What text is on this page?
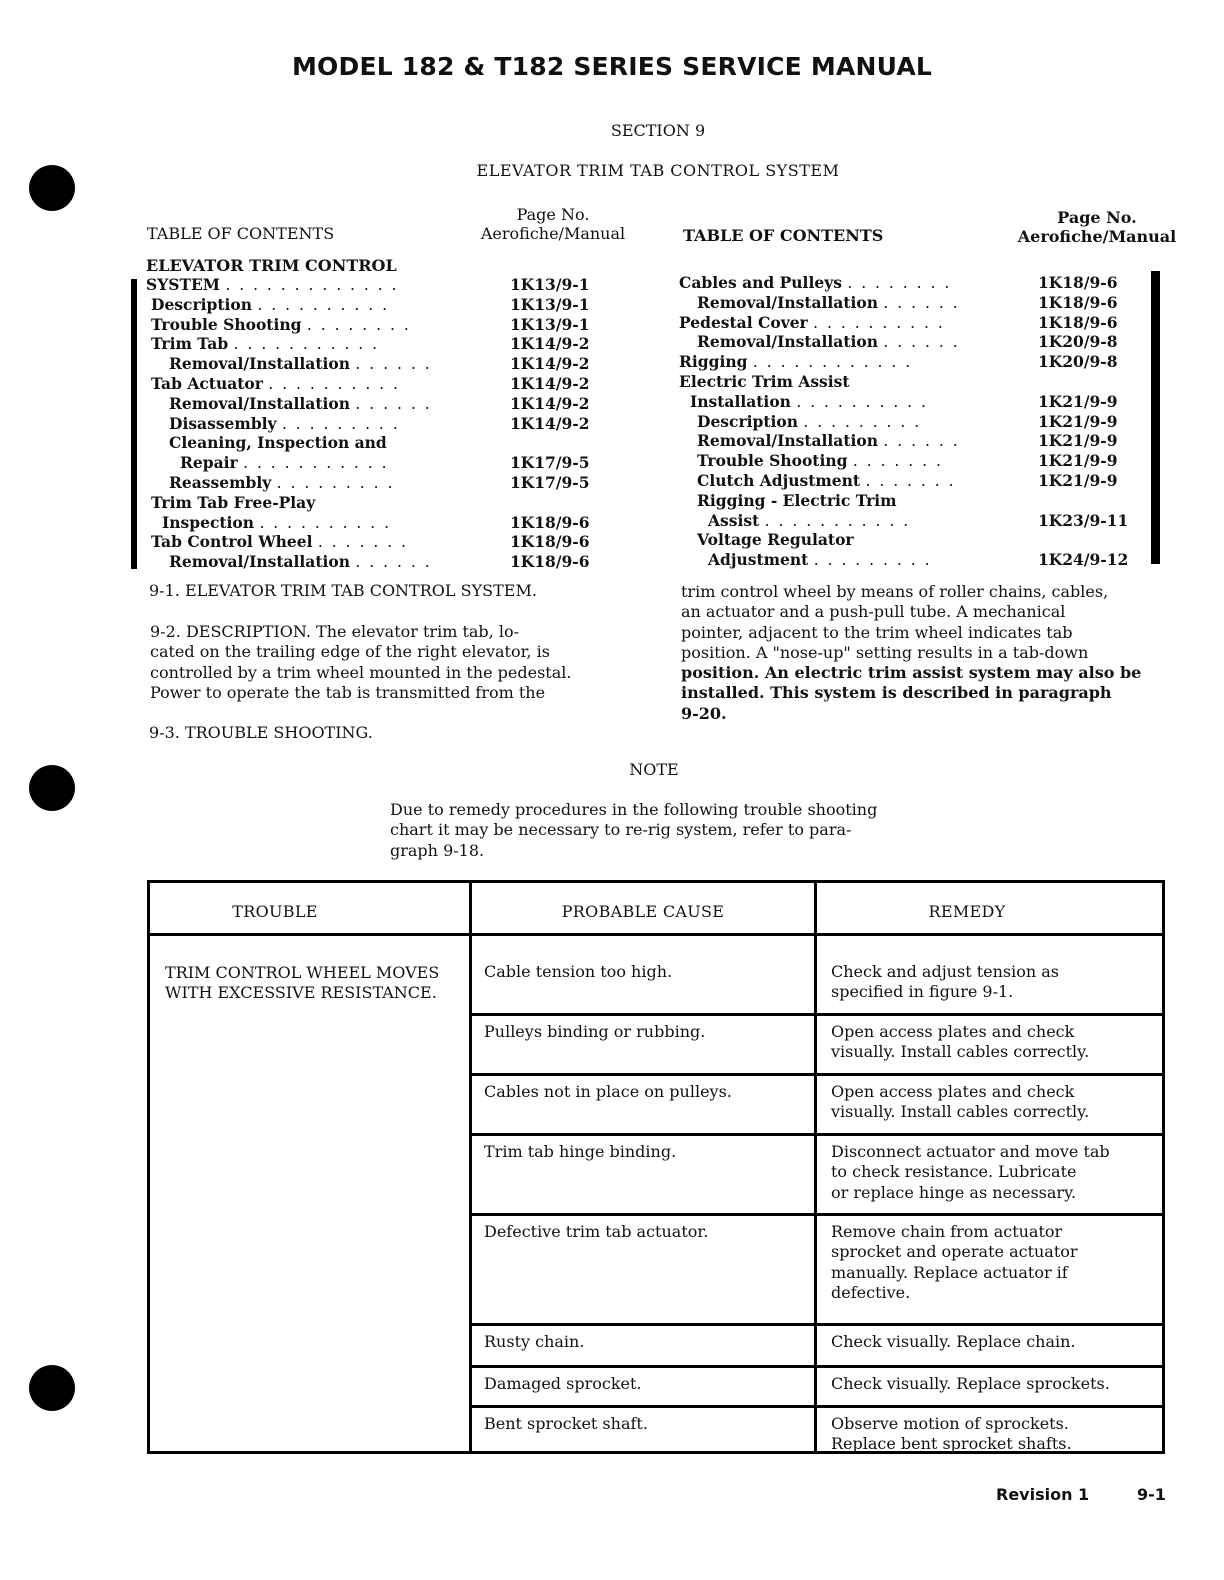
MODEL 182 & T182 SERIES SERVICE MANUAL
SECTION 9
ELEVATOR TRIM TAB CONTROL SYSTEM
TABLE OF CONTENTS
Page No.
Aerofiche/Manual	TABLE OF CONTENTS
Page No.
Aerofiche/Manual
ELEVATOR TRIM CONTROL
SYSTEM . . . . . . . . . . . . .	1K13/9-1
Description . . . . . . . . . .	1K13/9-1
Trouble Shooting . . . . . . . .	1K13/9-1
Trim Tab . . . . . . . . . . .	1K14/9-2
Removal/Installation . . . . . .	1K14/9-2
Tab Actuator . . . . . . . . . .	1K14/9-2
Removal/Installation . . . . . .	1K14/9-2
Disassembly . . . . . . . . .	1K14/9-2
Cleaning, Inspection and
Repair . . . . . . . . . . .	1K17/9-5
Reassembly . . . . . . . . .	1K17/9-5
Trim Tab Free-Play
Inspection . . . . . . . . . .	1K18/9-6
Tab Control Wheel . . . . . . .	1K18/9-6
Removal/Installation . . . . . .	1K18/9-6
Cables and Pulleys . . . . . . . .	1K18/9-6
Removal/Installation . . . . . .	1K18/9-6
Pedestal Cover . . . . . . . . . .	1K18/9-6
Removal/Installation . . . . . .	1K20/9-8
Rigging . . . . . . . . . . . .	1K20/9-8
Electric Trim Assist
Installation . . . . . . . . . .	1K21/9-9
Description . . . . . . . . .	1K21/9-9
Removal/Installation . . . . . .	1K21/9-9
Trouble Shooting . . . . . . .	1K21/9-9
Clutch Adjustment . . . . . . .	1K21/9-9
Rigging - Electric Trim
Assist . . . . . . . . . . .	1K23/9-11
Voltage Regulator
Adjustment . . . . . . . . .	1K24/9-12
9-1. ELEVATOR TRIM TAB CONTROL SYSTEM.
9-2. DESCRIPTION. The elevator trim tab, lo-
cated on the trailing edge of the right elevator, is
controlled by a trim wheel mounted in the pedestal.
Power to operate the tab is transmitted from the
9-3. TROUBLE SHOOTING.
trim control wheel by means of roller chains, cables,
an actuator and a push-pull tube. A mechanical
pointer, adjacent to the trim wheel indicates tab
position. A "nose-up" setting results in a tab-down
position. An electric trim assist system may also be
installed. This system is described in paragraph
9-20.
NOTE
Due to remedy procedures in the following trouble shooting
chart it may be necessary to re-rig system, refer to para-
graph 9-18.
TROUBLE	PROBABLE CAUSE	REMEDY
TRIM CONTROL WHEEL MOVES
WITH EXCESSIVE RESISTANCE.
Cable tension too high.	Check and adjust tension as
specified in figure 9-1.
Pulleys binding or rubbing.	Open access plates and check
visually. Install cables correctly.
Cables not in place on pulleys.	Open access plates and check
visually. Install cables correctly.
Trim tab hinge binding.	Disconnect actuator and move tab
to check resistance. Lubricate
or replace hinge as necessary.
Defective trim tab actuator.	Remove chain from actuator
sprocket and operate actuator
manually. Replace actuator if
defective.
Rusty chain.	Check visually. Replace chain.
Damaged sprocket.	Check visually. Replace sprockets.
Bent sprocket shaft.	Observe motion of sprockets.
Replace bent sprocket shafts.
Revision 1	9-1
